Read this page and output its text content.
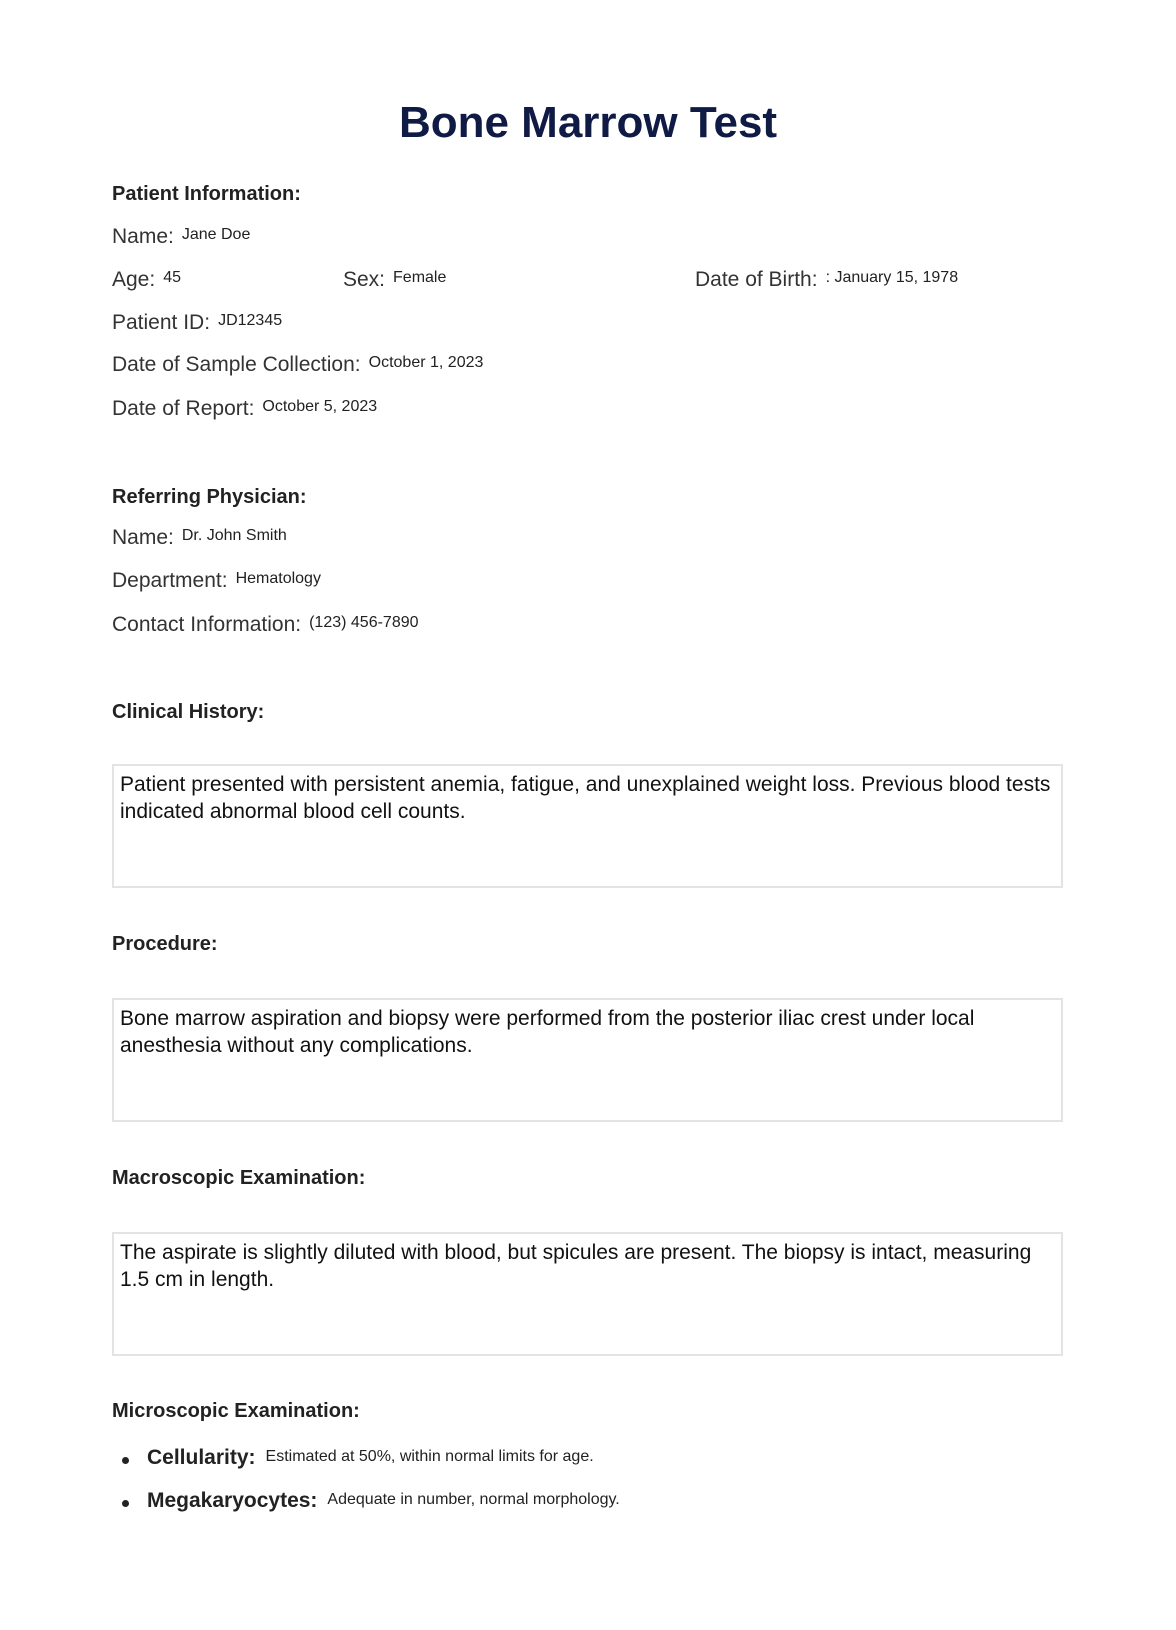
Bone Marrow Test
Patient Information:
Name: Jane Doe
Age: 45	Sex: Female	Date of Birth: : January 15, 1978
Patient ID: JD12345
Date of Sample Collection: October 1, 2023
Date of Report: October 5, 2023
Referring Physician:
Name: Dr. John Smith
Department: Hematology
Contact Information: (123) 456-7890
Clinical History:
Patient presented with persistent anemia, fatigue, and unexplained weight loss. Previous blood tests indicated abnormal blood cell counts.
Procedure:
Bone marrow aspiration and biopsy were performed from the posterior iliac crest under local anesthesia without any complications.
Macroscopic Examination:
The aspirate is slightly diluted with blood, but spicules are present. The biopsy is intact, measuring 1.5 cm in length.
Microscopic Examination:
Cellularity: Estimated at 50%, within normal limits for age.
Megakaryocytes: Adequate in number, normal morphology.
